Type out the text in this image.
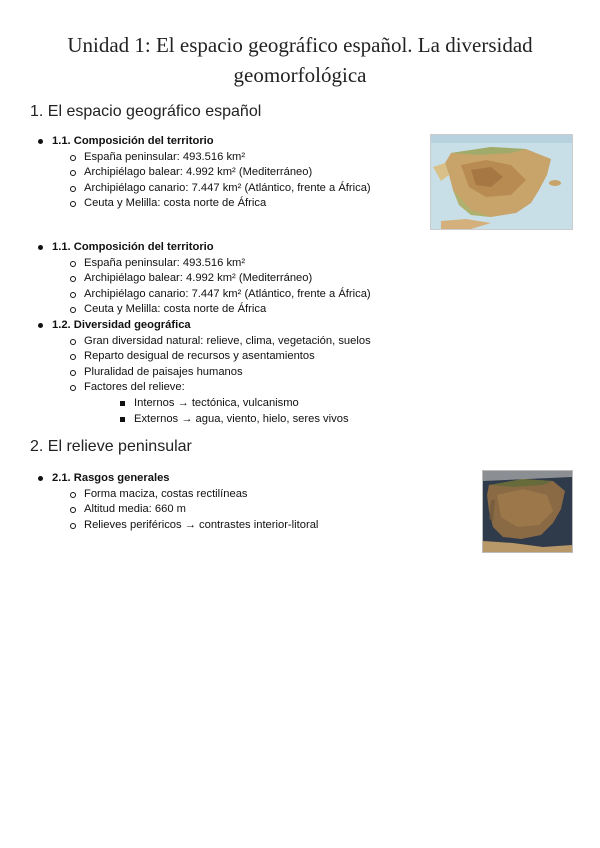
Unidad 1: El espacio geográfico español. La diversidad
geomorfológica
1. El espacio geográfico español
1.1. Composición del territorio
España peninsular: 493.516 km²
Archipiélago balear: 4.992 km² (Mediterráneo)
Archipiélago canario: 7.447 km² (Atlántico, frente a África)
Ceuta y Melilla: costa norte de África
1.1. Composición del territorio
España peninsular: 493.516 km²
Archipiélago balear: 4.992 km² (Mediterráneo)
Archipiélago canario: 7.447 km² (Atlántico, frente a África)
Ceuta y Melilla: costa norte de África
1.2. Diversidad geográfica
Gran diversidad natural: relieve, clima, vegetación, suelos
Reparto desigual de recursos y asentamientos
Pluralidad de paisajes humanos
Factores del relieve:
Internos → tectónica, vulcanismo
Externos → agua, viento, hielo, seres vivos
2. El relieve peninsular
2.1. Rasgos generales
Forma maciza, costas rectilíneas
Altitud media: 660 m
Relieves periféricos → contrastes interior-litoral
